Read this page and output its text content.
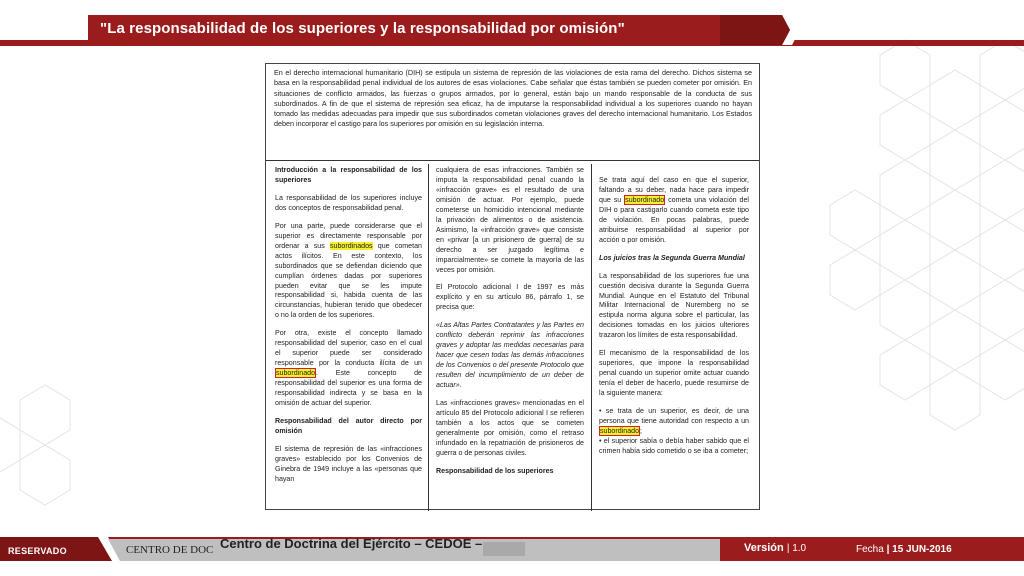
"La responsabilidad de los superiores y la responsabilidad por omisión"
En el derecho internacional humanitario (DIH) se estipula un sistema de represión de las violaciones de esta rama del derecho. Dichos sistema se basa en la responsabilidad penal individual de los autores de esas violaciones. Cabe señalar que éstas también se pueden cometer por omisión. En situaciones de conflicto armados, las fuerzas o grupos armados, por lo general, están bajo un mando responsable de la conducta de sus subordinados. A fin de que el sistema de represión sea eficaz, ha de imputarse la responsabilidad individual a los superiores cuando no hayan tomado las medidas adecuadas para impedir que sus subordinados cometan violaciones graves del derecho internacional humanitario. Los Estados deben incorporar el castigo para los superiores por omisión en su legislación interna.

Introducción a la responsabilidad de los superiores

La responsabilidad de los superiores incluye dos conceptos de responsabilidad penal.

Por una parte, puede considerarse que el superior es directamente responsable por ordenar a sus subordinados que cometan actos ilícitos. En este contexto, los subordinados que se defiendan diciendo que cumplían órdenes dadas por superiores pueden evitar que se les impute responsabilidad si, habida cuenta de las circunstancias, hubieran tenido que obedecer o no la orden de los superiores.

Por otra, existe el concepto llamado responsabilidad del superior, caso en el cual el superior puede ser considerado responsable por la conducta ilícita de un subordinado. Este concepto de responsabilidad del superior es una forma de responsabilidad indirecta y se basa en la omisión de actuar del superior.

Responsabilidad del autor directo por omisión

El sistema de represión de las «infracciones graves» establecido por los Convenios de Ginebra de 1949 incluye a las «personas que hayan

cualquiera de esas infracciones. También se imputa la responsabilidad penal cuando la «infracción grave» es el resultado de una omisión de actuar. Por ejemplo, puede cometerse un homicidio intencional mediante la privación de alimentos o de asistencia. Asimismo, la «infracción grave» que consiste en «privar [a un prisionero de guerra] de su derecho a ser juzgado legítima e imparcialmente» se comete la mayoría de las veces por omisión.

El Protocolo adicional I de 1997 es más explícito y en su artículo 86, párrafo 1, se precisa que:

«Las Altas Partes Contratantes y las Partes en conflicto deberán reprimir las infracciones graves y adoptar las medidas necesarias para hacer que cesen todas las demás infracciones de los Convenios o del presente Protocolo que resulten del incumplimiento de un deber de actuar».

Las «infracciones graves» mencionadas en el artículo 85 del Protocolo adicional I se refieren también a los actos que se cometen generalmente por omisión, como el retraso infundado en la repatriación de prisioneros de guerra o de personas civiles.

Responsabilidad de los superiores

Se trata aquí del caso en que el superior, faltando a su deber, nada hace para impedir que su subordinado cometa una violación del DIH o para castigarlo cuando cometa este tipo de violación. En pocas palabras, puede atribuirse responsabilidad al superior por acción o por omisión.

Los juicios tras la Segunda Guerra Mundial

La responsabilidad de los superiores fue una cuestión decisiva durante la Segunda Guerra Mundial. Aunque en el Estatuto del Tribunal Militar Internacional de Nuremberg no se estipula norma alguna sobre el particular, las decisiones tomadas en los juicios ulteriores trazaron los límites de esta responsabilidad.

El mecanismo de la responsabilidad de los superiores, que impone la responsabilidad penal cuando un superior omite actuar cuando tenía el deber de hacerlo, puede resumirse de la siguiente manera:

• se trata de un superior, es decir, de una persona que tiene autoridad con respecto a un subordinado;

• el superior sabía o debía haber sabido que el crimen había sido cometido o se iba a cometer;

RESERVADO	CENTRO DE DOC Centro de Doctrina del Ejército – CEDOE –	Versión | 1.0	Fecha | 15 JUN-2016
